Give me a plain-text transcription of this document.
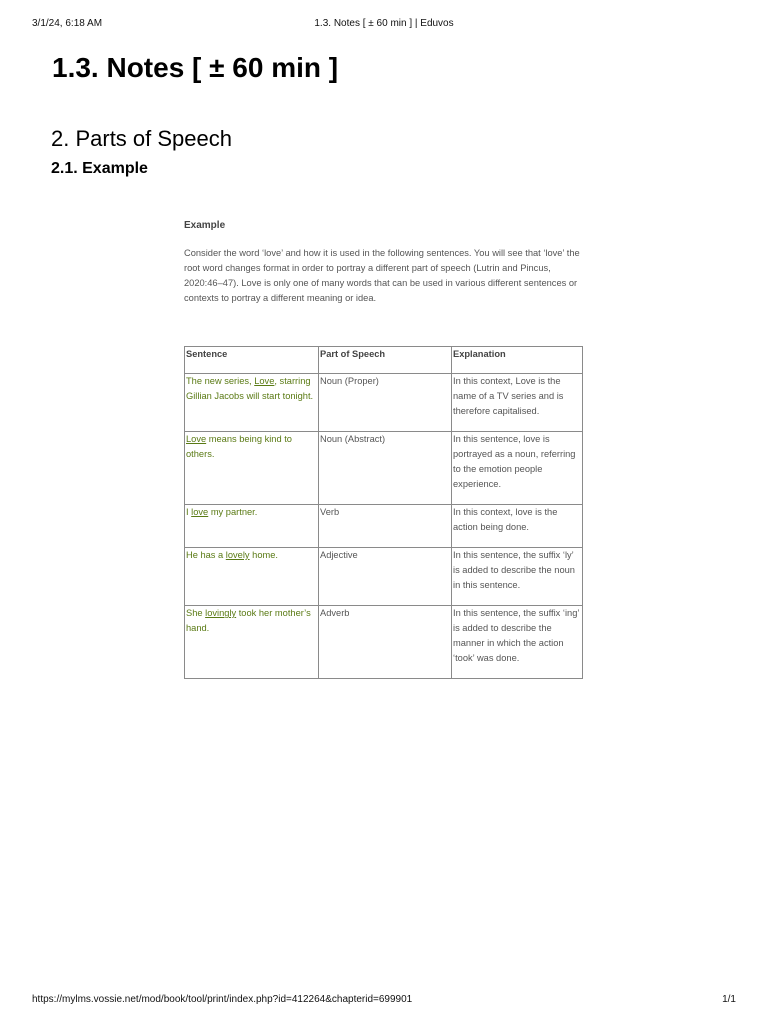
3/1/24, 6:18 AM	1.3. Notes [ ± 60 min ] | Eduvos
1.3. Notes [ ± 60 min ]
2. Parts of Speech
2.1. Example
Example
Consider the word ‘love’ and how it is used in the following sentences. You will see that ‘love’ the root word changes format in order to portray a different part of speech (Lutrin and Pincus, 2020:46–47). Love is only one of many words that can be used in various different sentences or contexts to portray a different meaning or idea.
Sentence	Part of Speech	Explanation
The new series, Love, starring Gillian Jacobs will start tonight.	Noun (Proper)	In this context, Love is the name of a TV series and is therefore capitalised.
Love means being kind to others.	Noun (Abstract)	In this sentence, love is portrayed as a noun, referring to the emotion people experience.
I love my partner.	Verb	In this context, love is the action being done.
He has a lovely home.	Adjective	In this sentence, the suffix ‘ly’ is added to describe the noun in this sentence.
She lovingly took her mother’s hand.	Adverb	In this sentence, the suffix ‘ing’ is added to describe the manner in which the action ‘took’ was done.
https://mylms.vossie.net/mod/book/tool/print/index.php?id=412264&chapterid=699901	1/1
